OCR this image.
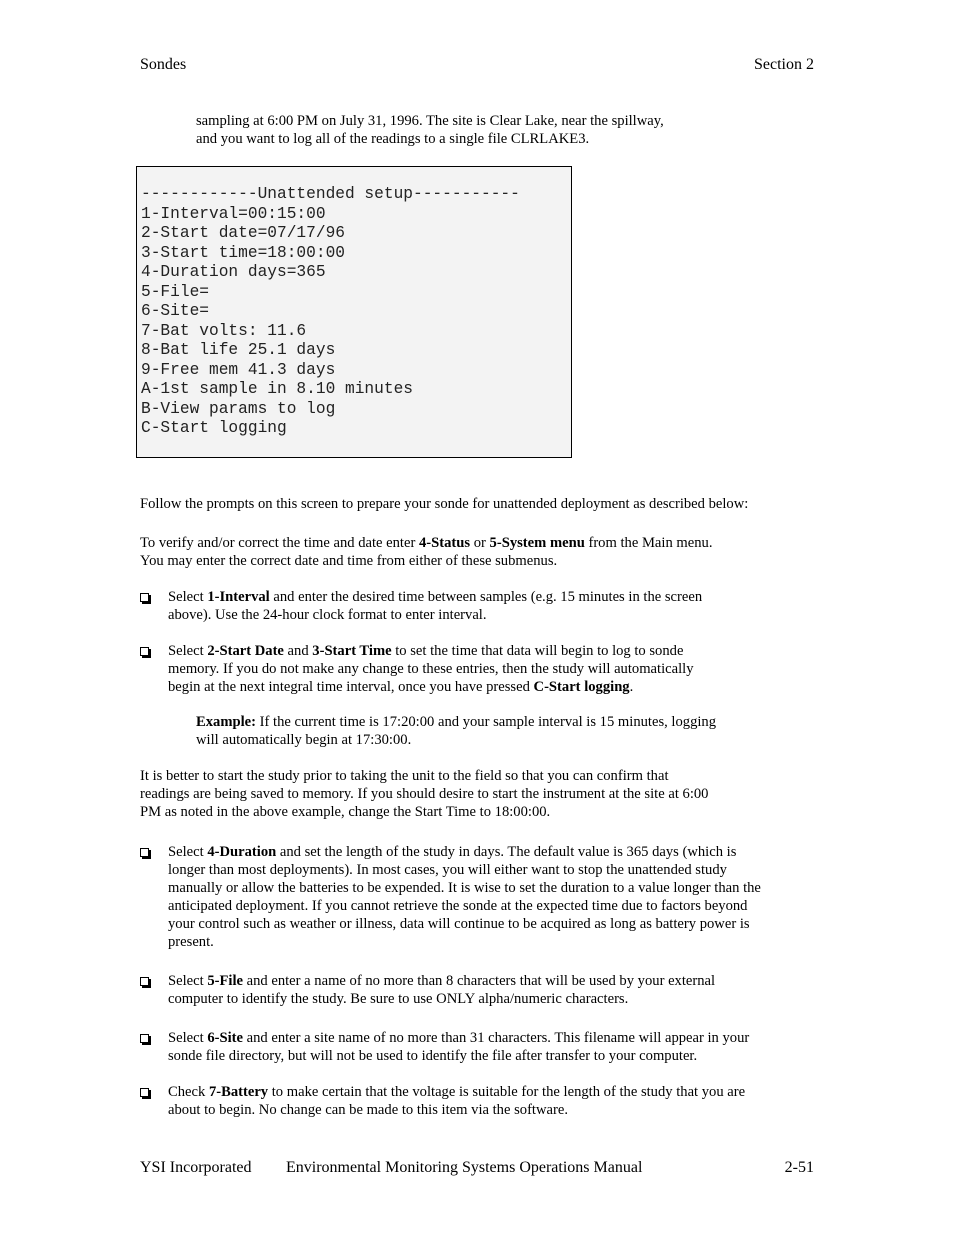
Sondes	Section 2
sampling at 6:00 PM on July 31, 1996. The site is Clear Lake, near the spillway,
and you want to log all of the readings to a single file CLRLAKE3.
------------Unattended setup-----------
1-Interval=00:15:00
2-Start date=07/17/96
3-Start time=18:00:00
4-Duration days=365
5-File=
6-Site=
7-Bat volts: 11.6
8-Bat life 25.1 days
9-Free mem 41.3 days
A-1st sample in 8.10 minutes
B-View params to log
C-Start logging
Follow the prompts on this screen to prepare your sonde for unattended deployment as described below:
To verify and/or correct the time and date enter 4-Status or 5-System menu from the Main menu.
You may enter the correct date and time from either of these submenus.
Select 1-Interval and enter the desired time between samples (e.g. 15 minutes in the screen
above). Use the 24-hour clock format to enter interval.
Select 2-Start Date and 3-Start Time to set the time that data will begin to log to sonde
memory. If you do not make any change to these entries, then the study will automatically
begin at the next integral time interval, once you have pressed C-Start logging.
Example: If the current time is 17:20:00 and your sample interval is 15 minutes, logging
will automatically begin at 17:30:00.
It is better to start the study prior to taking the unit to the field so that you can confirm that
readings are being saved to memory. If you should desire to start the instrument at the site at 6:00
PM as noted in the above example, change the Start Time to 18:00:00.
Select 4-Duration and set the length of the study in days. The default value is 365 days (which is
longer than most deployments). In most cases, you will either want to stop the unattended study
manually or allow the batteries to be expended. It is wise to set the duration to a value longer than the
anticipated deployment. If you cannot retrieve the sonde at the expected time due to factors beyond
your control such as weather or illness, data will continue to be acquired as long as battery power is
present.
Select 5-File and enter a name of no more than 8 characters that will be used by your external
computer to identify the study. Be sure to use ONLY alpha/numeric characters.
Select 6-Site and enter a site name of no more than 31 characters. This filename will appear in your
sonde file directory, but will not be used to identify the file after transfer to your computer.
Check 7-Battery to make certain that the voltage is suitable for the length of the study that you are
about to begin. No change can be made to this item via the software.
YSI Incorporated Environmental Monitoring Systems Operations Manual	2-51
